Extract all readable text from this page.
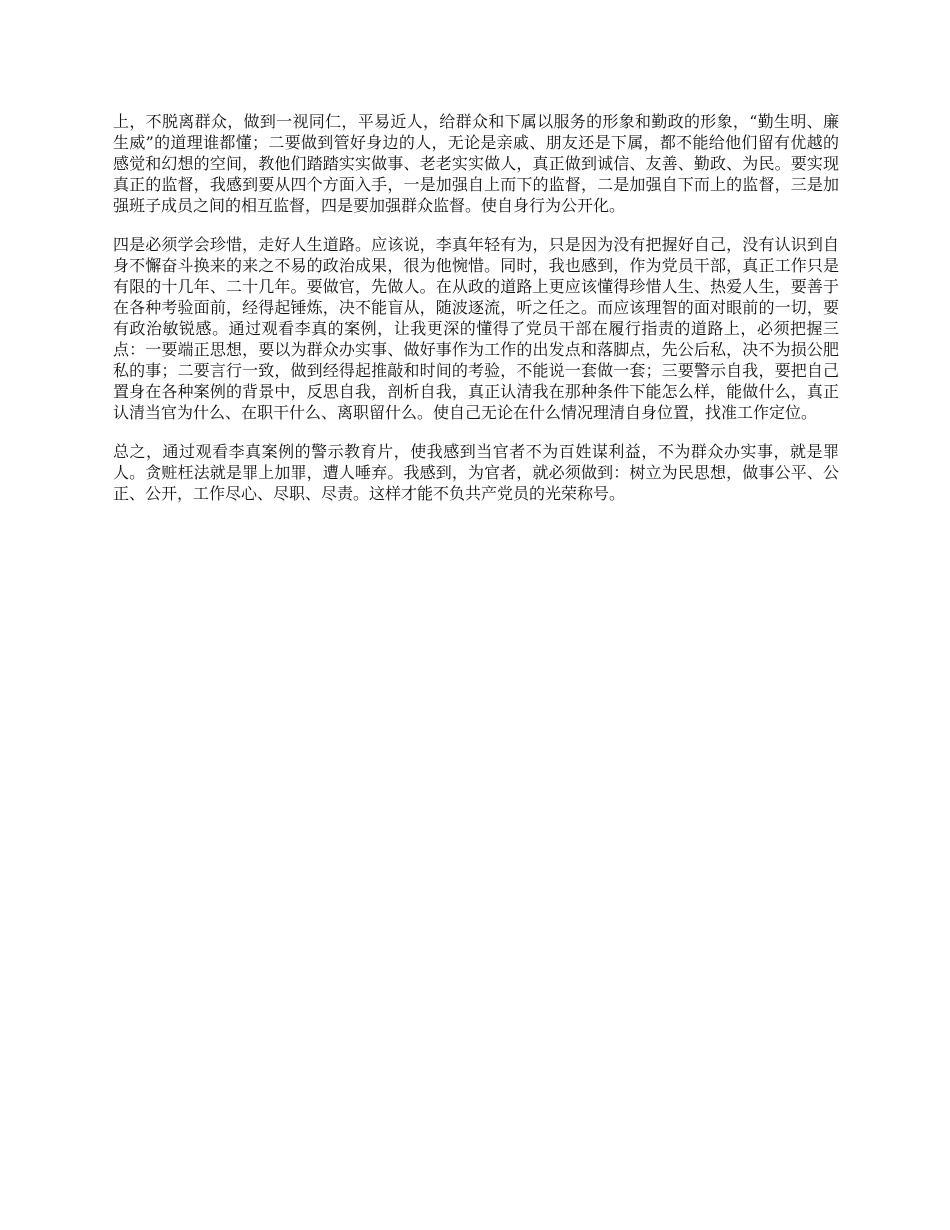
上，不脱离群众，做到一视同仁，平易近人，给群众和下属以服务的形象和勤政的形象，“勤生明、廉生威”的道理谁都懂；二要做到管好身边的人，无论是亲戚、朋友还是下属，都不能给他们留有优越的感觉和幻想的空间，教他们踏踏实实做事、老老实实做人，真正做到诚信、友善、勤政、为民。要实现真正的监督，我感到要从四个方面入手，一是加强自上而下的监督，二是加强自下而上的监督，三是加强班子成员之间的相互监督，四是要加强群众监督。使自身行为公开化。

四是必须学会珍惜，走好人生道路。应该说，李真年轻有为，只是因为没有把握好自己，没有认识到自身不懈奋斗换来的来之不易的政治成果，很为他惋惜。同时，我也感到，作为党员干部，真正工作只是有限的十几年、二十几年。要做官，先做人。在从政的道路上更应该懂得珍惜人生、热爱人生，要善于在各种考验面前，经得起锤炼，决不能盲从，随波逐流，听之任之。而应该理智的面对眼前的一切，要有政治敏锐感。通过观看李真的案例，让我更深的懂得了党员干部在履行指责的道路上，必须把握三点：一要端正思想，要以为群众办实事、做好事作为工作的出发点和落脚点，先公后私，决不为损公肥私的事；二要言行一致，做到经得起推敲和时间的考验，不能说一套做一套；三要警示自我，要把自己置身在各种案例的背景中，反思自我，剖析自我，真正认清我在那种条件下能怎么样，能做什么，真正认清当官为什么、在职干什么、离职留什么。使自己无论在什么情况理清自身位置，找准工作定位。

总之，通过观看李真案例的警示教育片，使我感到当官者不为百姓谋利益，不为群众办实事，就是罪人。贪赃枉法就是罪上加罪，遭人唾弃。我感到，为官者，就必须做到：树立为民思想，做事公平、公正、公开，工作尽心、尽职、尽责。这样才能不负共产党员的光荣称号。
